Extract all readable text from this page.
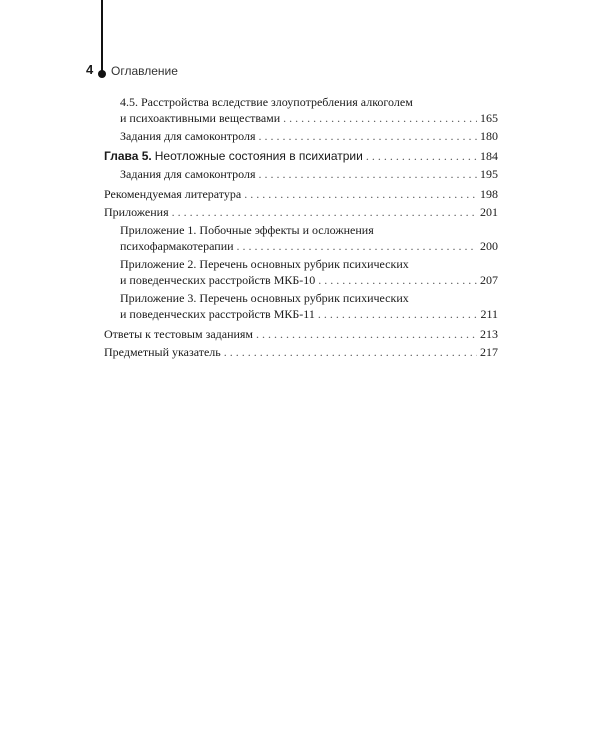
4 Оглавление
4.5. Расстройства вследствие злоупотребления алкоголем
и психоактивными веществами . . .	165
Задания для самоконтроля . . .	180
Глава 5.
Неотложные состояния в психиатрии . . .	184
Задания для самоконтроля . . .	195
Рекомендуемая литература . . .	198
Приложения . . .	201
Приложение 1. Побочные эффекты и осложнения
психофармакотерапии . . .	200
Приложение 2. Перечень основных рубрик психических
и поведенческих расстройств МКБ-10 . . .	207
Приложение 3. Перечень основных рубрик психических
и поведенческих расстройств МКБ-11 . . .	211
Ответы к тестовым заданиям . . .	213
Предметный указатель . . .	217
